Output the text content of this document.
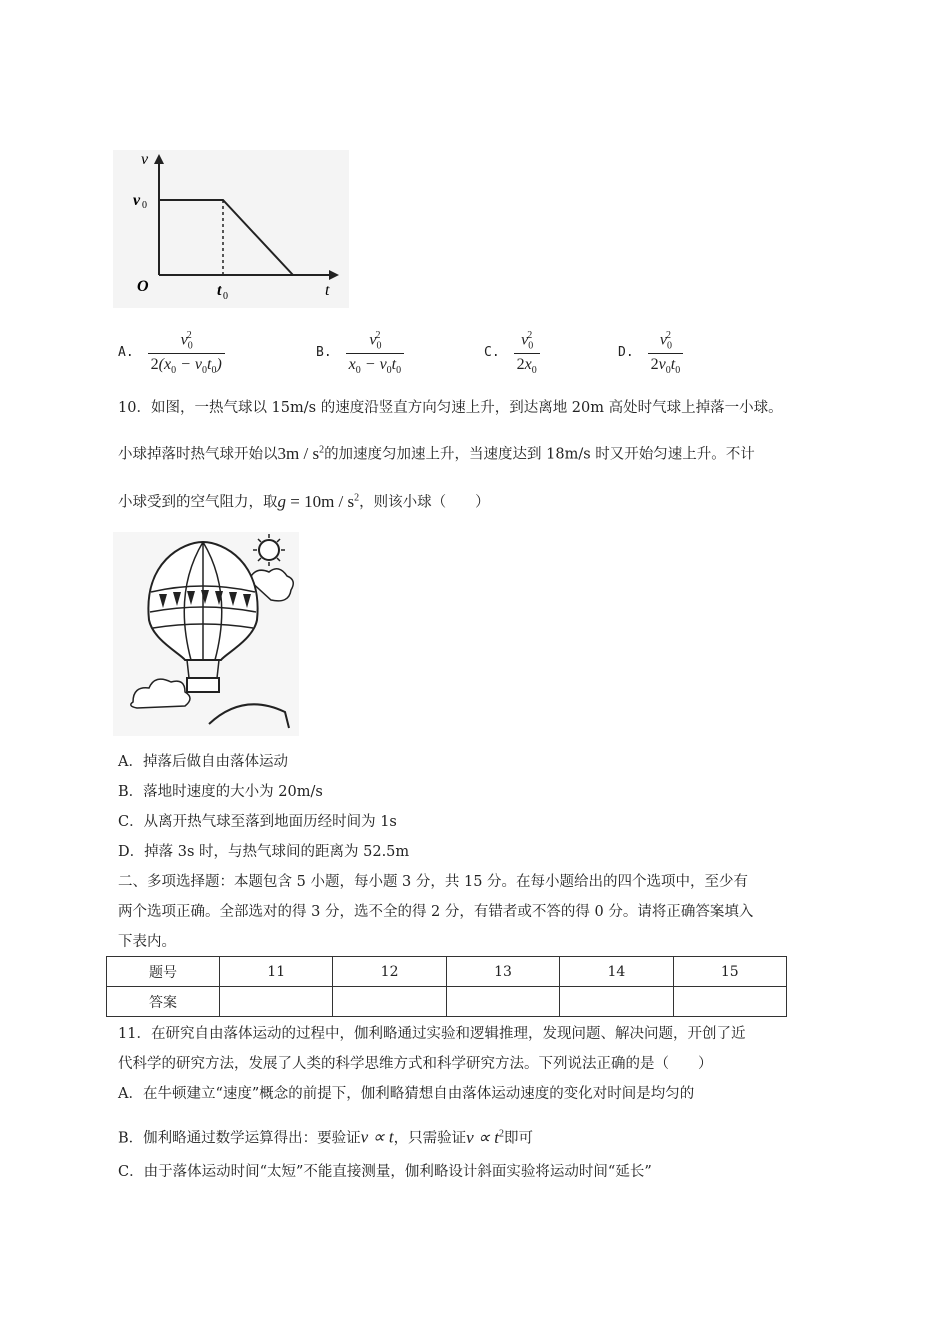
v
v 0
O	t 0	t
A. $\frac{v_0^2}{2(x_0 - v_0t_0)}$	B. $\frac{v_0^2}{x_0 - v_0t_0}$	C. $\frac{v_0^2}{2x_0}$	D. $\frac{v_0^2}{2v_0t_0}$
10．如图，一热气球以 15m/s 的速度沿竖直方向匀速上升，到达离地 20m 高处时气球上掉落一小球。
小球掉落时热气球开始以$3m / s^2$的加速度匀加速上升，当速度达到 18m/s 时又开始匀速上升。不计
小球受到的空气阻力，取$g = 10m / s^2$，则该小球（　　）
A．掉落后做自由落体运动
B．落地时速度的大小为 20m/s
C．从离开热气球至落到地面历经时间为 1s
D．掉落 3s 时，与热气球间的距离为 52.5m
二、多项选择题：本题包含 5 小题，每小题 3 分，共 15 分。在每小题给出的四个选项中，至少有
两个选项正确。全部选对的得 3 分，选不全的得 2 分，有错者或不答的得 0 分。请将正确答案填入
下表内。
题号	11	12	13	14	15
答案					
11．在研究自由落体运动的过程中，伽利略通过实验和逻辑推理，发现问题、解决问题，开创了近
代科学的研究方法，发展了人类的科学思维方式和科学研究方法。下列说法正确的是（　　）
A．在牛顿建立“速度”概念的前提下，伽利略猜想自由落体运动速度的变化对时间是均匀的
B．伽利略通过数学运算得出：要验证v ∝ t，只需验证$v \propto t^2$即可
C．由于落体运动时间“太短”不能直接测量，伽利略设计斜面实验将运动时间“延长”
